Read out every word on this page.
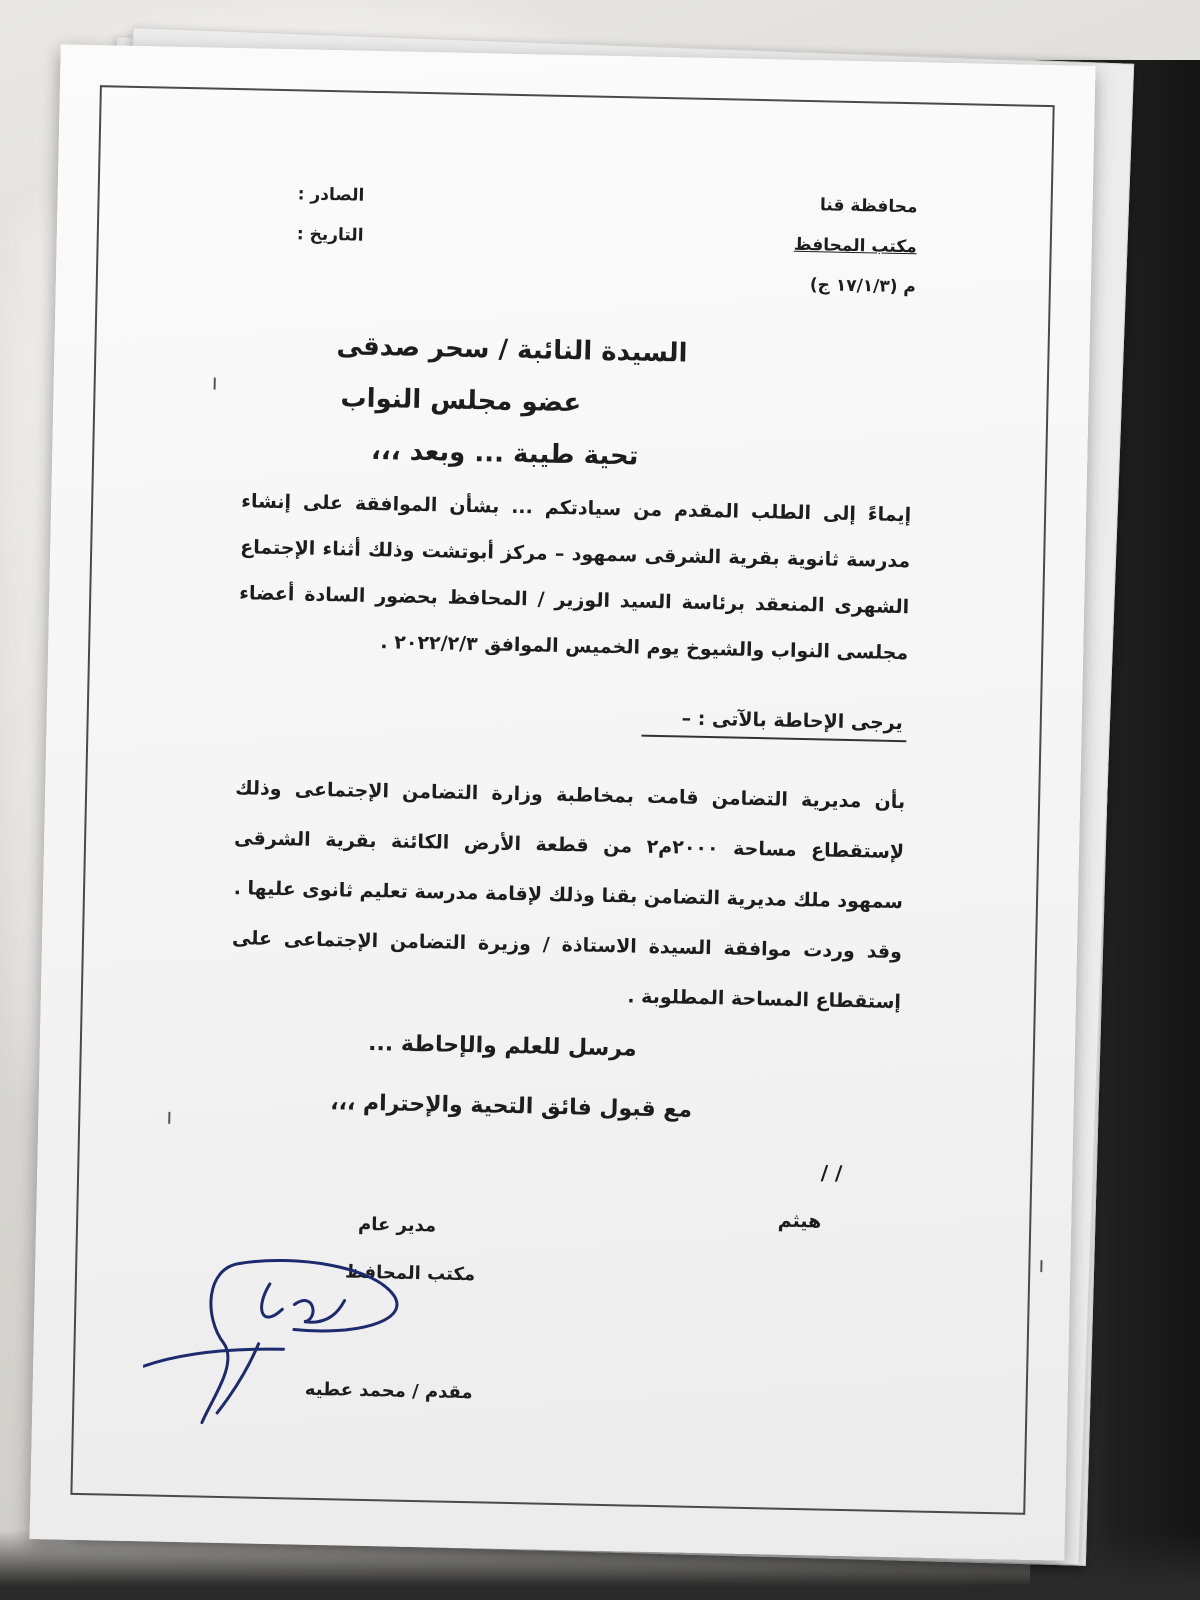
محافظة قنا
مكتب المحافظ
م (١٧/١/٣ ج)
الصادر :
التاريخ :
السيدة النائبة / سحر صدقى
عضو مجلس النواب
تحية طيبة ... وبعد ،،،
إيماءً إلى الطلب المقدم من سيادتكم ... بشأن الموافقة على إنشاء مدرسة ثانوية بقرية الشرقى سمهود – مركز أبوتشت وذلك أثناء الإجتماع الشهرى المنعقد برئاسة السيد الوزير / المحافظ بحضور السادة أعضاء مجلسى النواب والشيوخ يوم الخميس الموافق ٢٠٢٢/٢/٣ .
يرجى الإحاطة بالآتى : –
بأن مديرية التضامن قامت بمخاطبة وزارة التضامن الإجتماعى وذلك لإستقطاع مساحة ٢٠٠٠م٢ من قطعة الأرض الكائنة بقرية الشرقى سمهود ملك مديرية التضامن بقنا وذلك لإقامة مدرسة تعليم ثانوى عليها .
وقد وردت موافقة السيدة الاستاذة / وزيرة التضامن الإجتماعى على إستقطاع المساحة المطلوبة .
مرسل للعلم والإحاطة ...
مع قبول فائق التحية والإحترام ،،،
/ /
هيثم
مدير عام
مكتب المحافظ
مقدم / محمد عطيه
